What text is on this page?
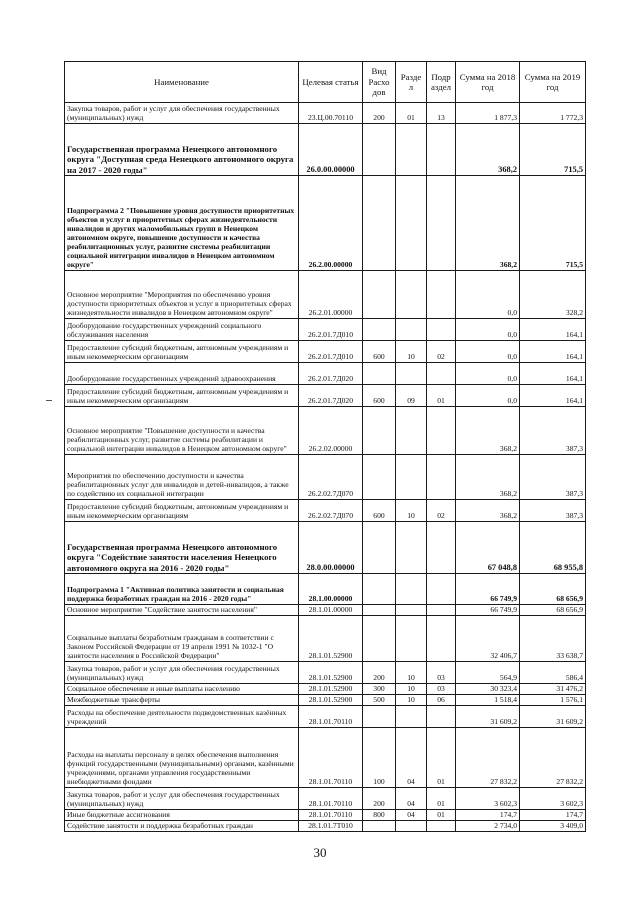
Наименование	Целевая статья	Вид Расхо дов	Разде л	Подр аздел	Сумма на 2018 год	Сумма на 2019 год
Закупка товаров, работ и услуг для обеспечения государственных (муниципальных) нужд	23.Ц.00.70110	200	01	13	1 877,3	1 772,3
Государственная программа Ненецкого автономного округа "Доступная среда Ненецкого автономного округа на 2017 - 2020 годы"	26.0.00.00000				368,2	715,5
Подпрограмма 2 "Повышение уровня доступности приоритетных объектов и услуг в приоритетных сферах жизнедеятельности инвалидов и других маломобильных групп в Ненецком автономном округе, повышение доступности и качества реабилитационных услуг, развитие системы реабилитации социальной интеграции инвалидов в Ненецком автономном округе"	26.2.00.00000				368,2	715,5
Основное мероприятие "Мероприятия по обеспечению уровня доступности приоритетных объектов и услуг в приоритетных сферах жизнедеятельности инвалидов в Ненецком автономном округе"	26.2.01.00000				0,0	328,2
Дооборудование государственных учреждений социального обслуживания населения	26.2.01.7Д010				0,0	164,1
Предоставление субсидий бюджетным, автономным учреждениям и иным некоммерческим организациям	26.2.01.7Д010	600	10	02	0,0	164,1
Дооборудование государственных учреждений здравоохранения	26.2.01.7Д020				0,0	164,1
Предоставление субсидий бюджетным, автономным учреждениям и иным некоммерческим организациям	26.2.01.7Д020	600	09	01	0,0	164,1
Основное мероприятие "Повышение доступности и качества реабилитационных услуг, развитие системы реабилитации и социальной интеграции инвалидов в Ненецком автономном округе"	26.2.02.00000				368,2	387,3
Мероприятия по обеспечению доступности и качества реабилитационных услуг для инвалидов и детей-инвалидов, а также по содействию их социальной интеграции	26.2.02.7Д070				368,2	387,3
Предоставление субсидий бюджетным, автономным учреждениям и иным некоммерческим организациям	26.2.02.7Д070	600	10	02	368,2	387,3
Государственная программа Ненецкого автономного округа "Содействие занятости населения Ненецкого автономного округа на 2016 - 2020 годы"	28.0.00.00000				67 048,8	68 955,8
Подпрограмма 1 "Активная политика занятости и социальная поддержка безработных граждан на 2016 - 2020 годы"	28.1.00.00000				66 749,9	68 656,9
Основное мероприятие "Содействие занятости населения"	28.1.01.00000				66 749,9	68 656,9
Социальные выплаты безработным гражданам в соответствии с Законом Российской Федерации от 19 апреля 1991 № 1032-1 "О занятости населения в Российской Федерации"	28.1.01.52900				32 406,7	33 638,7
Закупка товаров, работ и услуг для обеспечения государственных (муниципальных) нужд	28.1.01.52900	200	10	03	564,9	586,4
Социальное обеспечение и иные выплаты населению	28.1.01.52900	300	10	03	30 323,4	31 476,2
Межбюджетные трансферты	28.1.01.52900	500	10	06	1 518,4	1 576,1
Расходы на обеспечение деятельности подведомственных казённых учреждений	28.1.01.70110				31 609,2	31 609,2
Расходы на выплаты персоналу в целях обеспечения выполнения функций государственными (муниципальными) органами, казёнными учреждениями, органами управления государственными внебюджетными фондами	28.1.01.70110	100	04	01	27 832,2	27 832,2
Закупка товаров, работ и услуг для обеспечения государственных (муниципальных) нужд	28.1.01.70110	200	04	01	3 602,3	3 602,3
Иные бюджетные ассигнования	28.1.01.70110	800	04	01	174,7	174,7
Содействие занятости и поддержка безработных граждан	28.1.01.7Т010				2 734,0	3 409,0
30
